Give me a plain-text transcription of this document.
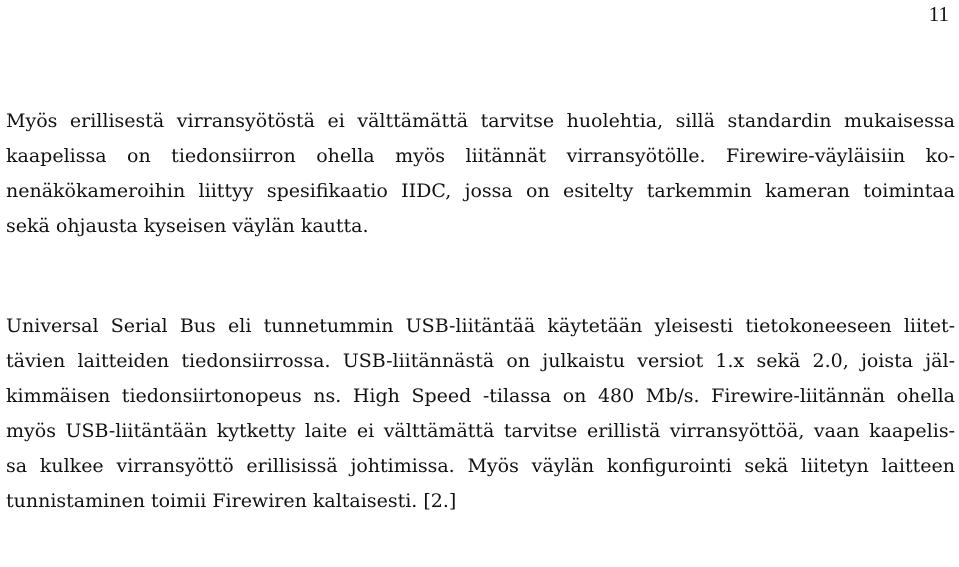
11
Myös erillisestä virransyötöstä ei välttämättä tarvitse huolehtia, sillä standardin mukaisessa
kaapelissa on tiedonsiirron ohella myös liitännät virransyötölle. Firewire-väyläisiin ko-
nenäkökameroihin liittyy spesifikaatio IIDC, jossa on esitelty tarkemmin kameran toimintaa
sekä ohjausta kyseisen väylän kautta.
Universal Serial Bus eli tunnetummin USB-liitäntää käytetään yleisesti tietokoneeseen liitet-
tävien laitteiden tiedonsiirrossa. USB-liitännästä on julkaistu versiot 1.x sekä 2.0, joista jäl-
kimmäisen tiedonsiirtonopeus ns. High Speed -tilassa on 480 Mb/s. Firewire-liitännän ohella
myös USB-liitäntään kytketty laite ei välttämättä tarvitse erillistä virransyöttöä, vaan kaapelis-
sa kulkee virransyöttö erillisissä johtimissa. Myös väylän konfigurointi sekä liitetyn laitteen
tunnistaminen toimii Firewiren kaltaisesti. [2.]
